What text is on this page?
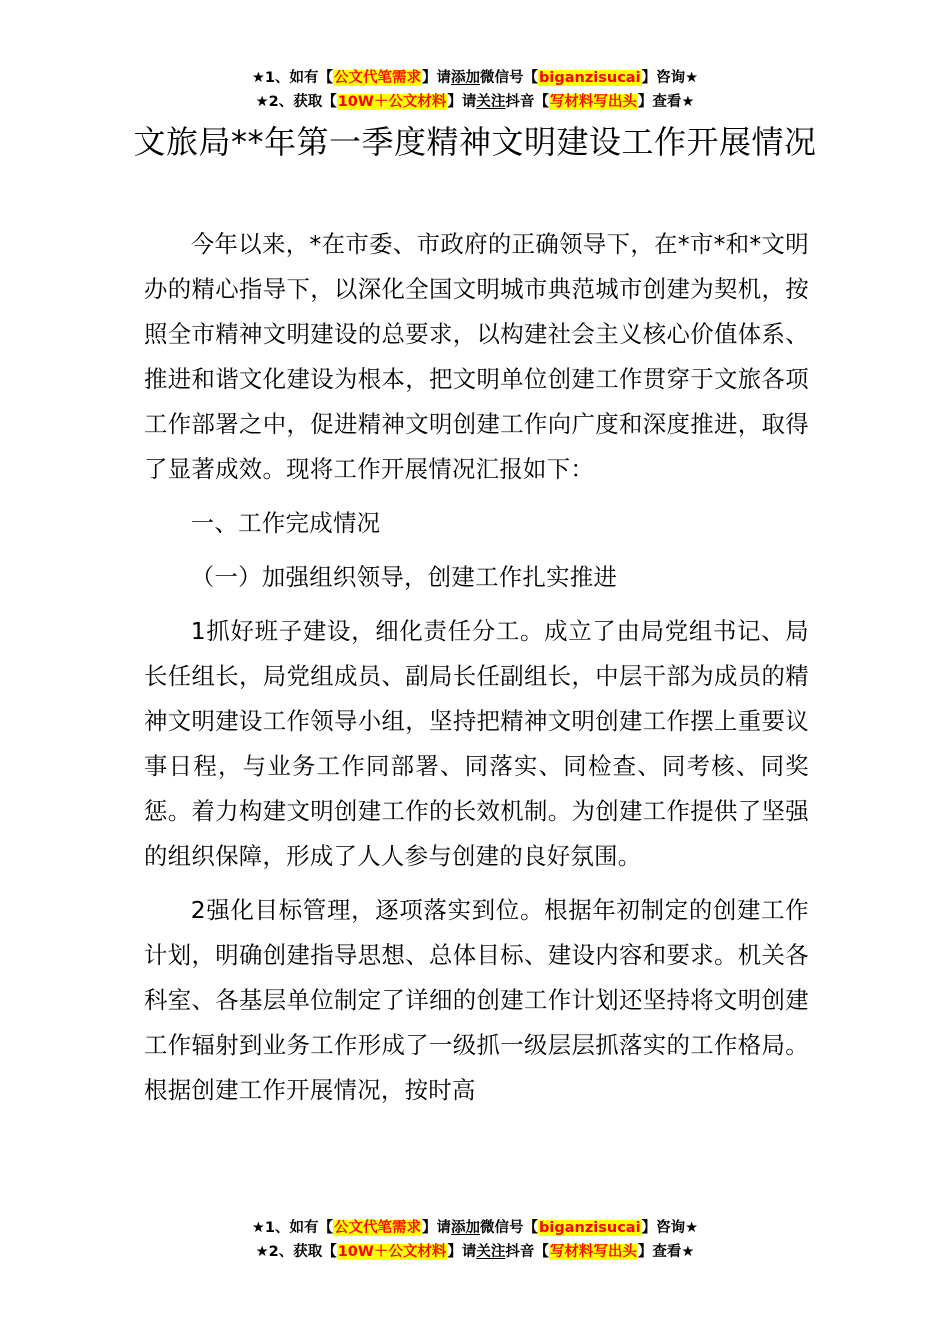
★1、如有【公文代笔需求】请添加微信号【biganzisucai】咨询★
★2、获取【10W＋公文材料】请关注抖音【写材料写出头】查看★
文旅局**年第一季度精神文明建设工作开展情况

今年以来，*在市委、市政府的正确领导下，在*市*和*文明办的精心指导下，以深化全国文明城市典范城市创建为契机，按照全市精神文明建设的总要求，以构建社会主义核心价值体系、推进和谐文化建设为根本，把文明单位创建工作贯穿于文旅各项工作部署之中，促进精神文明创建工作向广度和深度推进，取得了显著成效。现将工作开展情况汇报如下：

一、工作完成情况

（一）加强组织领导，创建工作扎实推进

1抓好班子建设，细化责任分工。成立了由局党组书记、局长任组长，局党组成员、副局长任副组长，中层干部为成员的精神文明建设工作领导小组，坚持把精神文明创建工作摆上重要议事日程，与业务工作同部署、同落实、同检查、同考核、同奖惩。着力构建文明创建工作的长效机制。为创建工作提供了坚强的组织保障，形成了人人参与创建的良好氛围。

2强化目标管理，逐项落实到位。根据年初制定的创建工作计划，明确创建指导思想、总体目标、建设内容和要求。机关各科室、各基层单位制定了详细的创建工作计划还坚持将文明创建工作辐射到业务工作形成了一级抓一级层层抓落实的工作格局。根据创建工作开展情况，按时高

★1、如有【公文代笔需求】请添加微信号【biganzisucai】咨询★
★2、获取【10W＋公文材料】请关注抖音【写材料写出头】查看★
